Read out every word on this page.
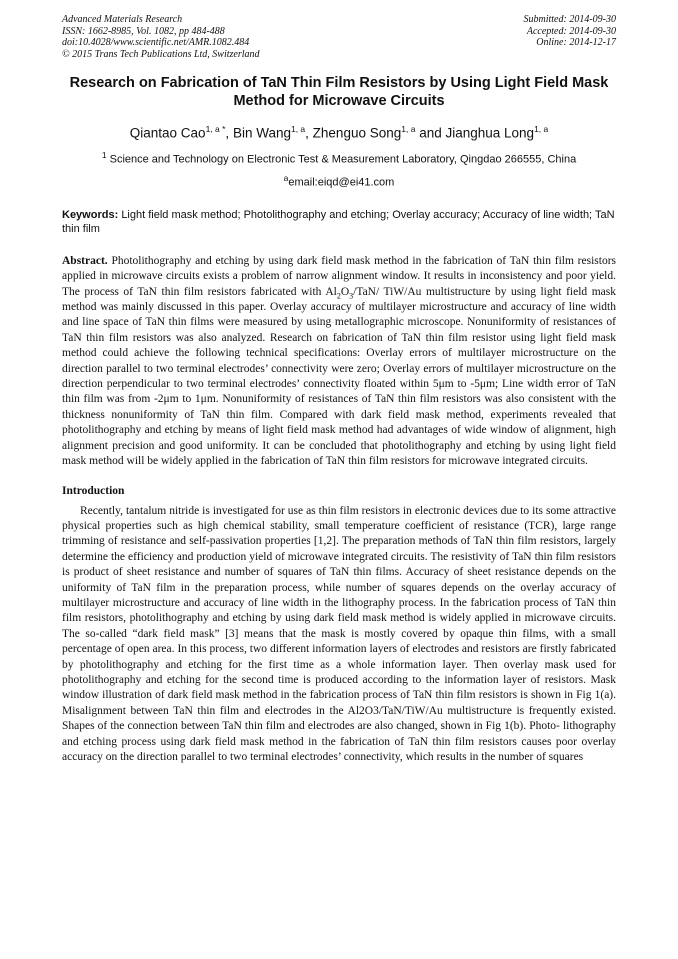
Advanced Materials Research
ISSN: 1662-8985, Vol. 1082, pp 484-488
doi:10.4028/www.scientific.net/AMR.1082.484
© 2015 Trans Tech Publications Ltd, Switzerland
Submitted: 2014-09-30
Accepted: 2014-09-30
Online: 2014-12-17
Research on Fabrication of TaN Thin Film Resistors by Using Light Field Mask Method for Microwave Circuits
Qiantao Cao$^{1, a *}$, Bin Wang$^{1, a}$, Zhenguo Song$^{1, a}$ and Jianghua Long$^{1, a}$
$^1$ Science and Technology on Electronic Test & Measurement Laboratory, Qingdao 266555, China
$^a$email:eiqd@ei41.com
Keywords: Light field mask method; Photolithography and etching; Overlay accuracy; Accuracy of line width; TaN thin film
Abstract. Photolithography and etching by using dark field mask method in the fabrication of TaN thin film resistors applied in microwave circuits exists a problem of narrow alignment window. It results in inconsistency and poor yield. The process of TaN thin film resistors fabricated with $Al_2O_3/TaN/$ TiW/Au multistructure by using light field mask method was mainly discussed in this paper. Overlay accuracy of multilayer microstructure and accuracy of line width and line space of TaN thin films were measured by using metallographic microscope. Nonuniformity of resistances of TaN thin film resistors was also analyzed. Research on fabrication of TaN thin film resistor using light field mask method could achieve the following technical specifications: Overlay errors of multilayer microstructure on the direction parallel to two terminal electrodes’ connectivity were zero; Overlay errors of multilayer microstructure on the direction perpendicular to two terminal electrodes’ connectivity floated within 5μm to -5μm; Line width error of TaN thin film was from -2μm to 1μm. Nonuniformity of resistances of TaN thin film resistors was also consistent with the thickness nonuniformity of TaN thin film. Compared with dark field mask method, experiments revealed that photolithography and etching by means of light field mask method had advantages of wide window of alignment, high alignment precision and good uniformity. It can be concluded that photolithography and etching by using light field mask method will be widely applied in the fabrication of TaN thin film resistors for microwave integrated circuits.
Introduction
Recently, tantalum nitride is investigated for use as thin film resistors in electronic devices due to its some attractive physical properties such as high chemical stability, small temperature coefficient of resistance (TCR), large range trimming of resistance and self-passivation properties [1,2]. The preparation methods of TaN thin film resistors, largely determine the efficiency and production yield of microwave integrated circuits. The resistivity of TaN thin film resistors is product of sheet resistance and number of squares of TaN thin films. Accuracy of sheet resistance depends on the uniformity of TaN film in the preparation process, while number of squares depends on the overlay accuracy of multilayer microstructure and accuracy of line width in the lithography process. In the fabrication process of TaN thin film resistors, photolithography and etching by using dark field mask method is widely applied in microwave circuits. The so-called “dark field mask” [3] means that the mask is mostly covered by opaque thin films, with a small percentage of open area. In this process, two different information layers of electrodes and resistors are firstly fabricated by photolithography and etching for the first time as a whole information layer. Then overlay mask used for photolithography and etching for the second time is produced according to the information layer of resistors. Mask window illustration of dark field mask method in the fabrication process of TaN thin film resistors is shown in Fig 1(a). Misalignment between TaN thin film and electrodes in the Al2O3/TaN/TiW/Au multistructure is frequently existed. Shapes of the connection between TaN thin film and electrodes are also changed, shown in Fig 1(b). Photo- lithography and etching process using dark field mask method in the fabrication of TaN thin film resistors causes poor overlay accuracy on the direction parallel to two terminal electrodes’ connectivity, which results in the number of squares
